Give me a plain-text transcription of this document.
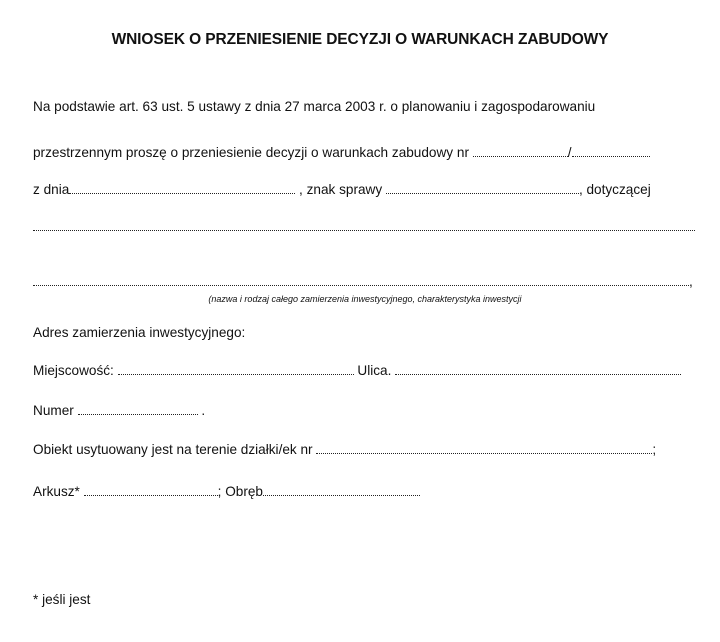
WNIOSEK O PRZENIESIENIE DECYZJI O WARUNKACH ZABUDOWY
Na podstawie art. 63 ust. 5 ustawy z dnia 27 marca 2003 r. o planowaniu i zagospodarowaniu
przestrzennym proszę o przeniesienie decyzji o warunkach zabudowy nr	/
z dnia	, znak sprawy	, dotyczącej
,
(nazwa i rodzaj całego zamierzenia inwestycyjnego, charakterystyka inwestycji
Adres zamierzenia inwestycyjnego:
Miejscowość:	Ulica.
Numer	.
Obiekt usytuowany jest na terenie działki/ek nr	;
Arkusz*	; Obręb
* jeśli jest
